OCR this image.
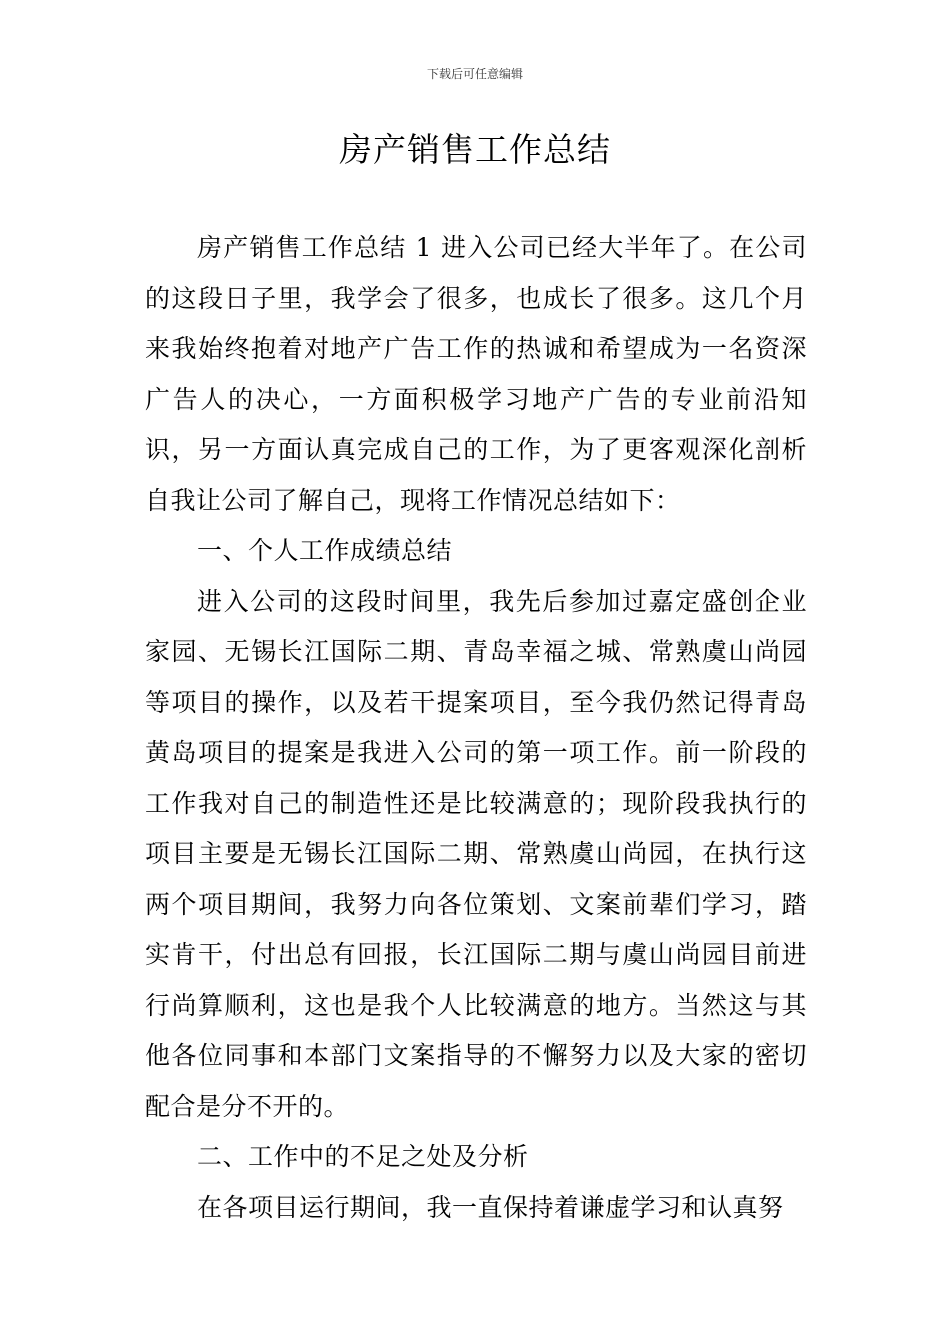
下载后可任意编辑
房产销售工作总结

房产销售工作总结 1 进入公司已经大半年了。在公司的这段日子里，我学会了很多，也成长了很多。这几个月来我始终抱着对地产广告工作的热诚和希望成为一名资深广告人的决心，一方面积极学习地产广告的专业前沿知识，另一方面认真完成自己的工作，为了更客观深化剖析自我让公司了解自己，现将工作情况总结如下：

一、个人工作成绩总结

进入公司的这段时间里，我先后参加过嘉定盛创企业家园、无锡长江国际二期、青岛幸福之城、常熟虞山尚园等项目的操作，以及若干提案项目，至今我仍然记得青岛黄岛项目的提案是我进入公司的第一项工作。前一阶段的工作我对自己的制造性还是比较满意的；现阶段我执行的项目主要是无锡长江国际二期、常熟虞山尚园，在执行这两个项目期间，我努力向各位策划、文案前辈们学习，踏实肯干，付出总有回报，长江国际二期与虞山尚园目前进行尚算顺利，这也是我个人比较满意的地方。当然这与其他各位同事和本部门文案指导的不懈努力以及大家的密切配合是分不开的。

二、工作中的不足之处及分析

在各项目运行期间，我一直保持着谦虚学习和认真努
